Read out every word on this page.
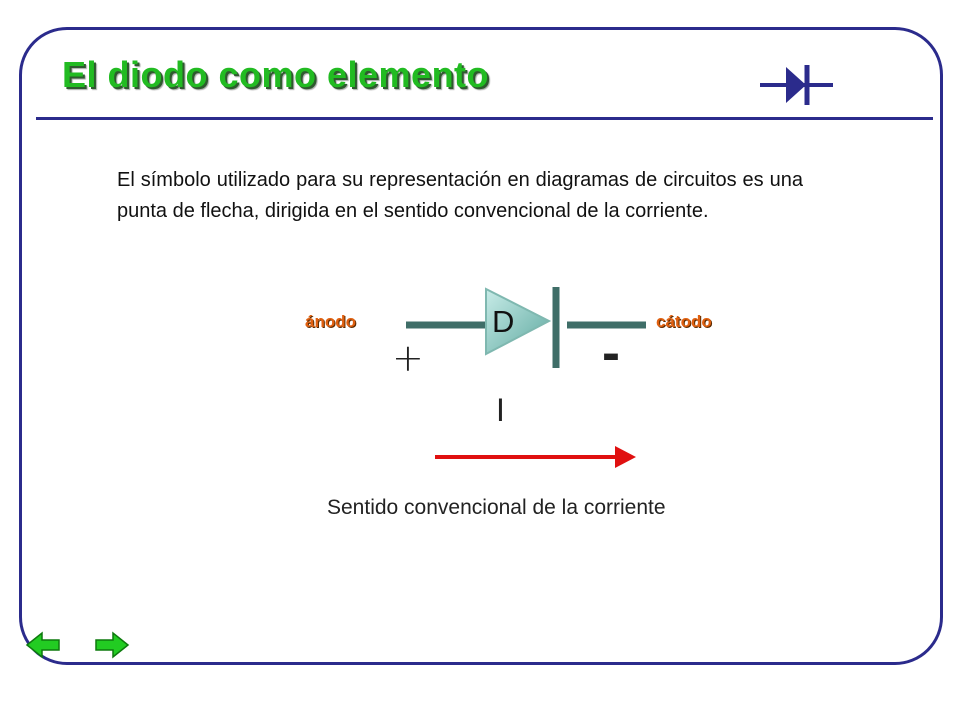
El diodo como elemento

El símbolo utilizado para su representación en diagramas de circuitos es una punta de flecha, dirigida en el sentido convencional de la corriente.

D
ánodo	cátodo
+	-
I
Sentido convencional de la corriente
